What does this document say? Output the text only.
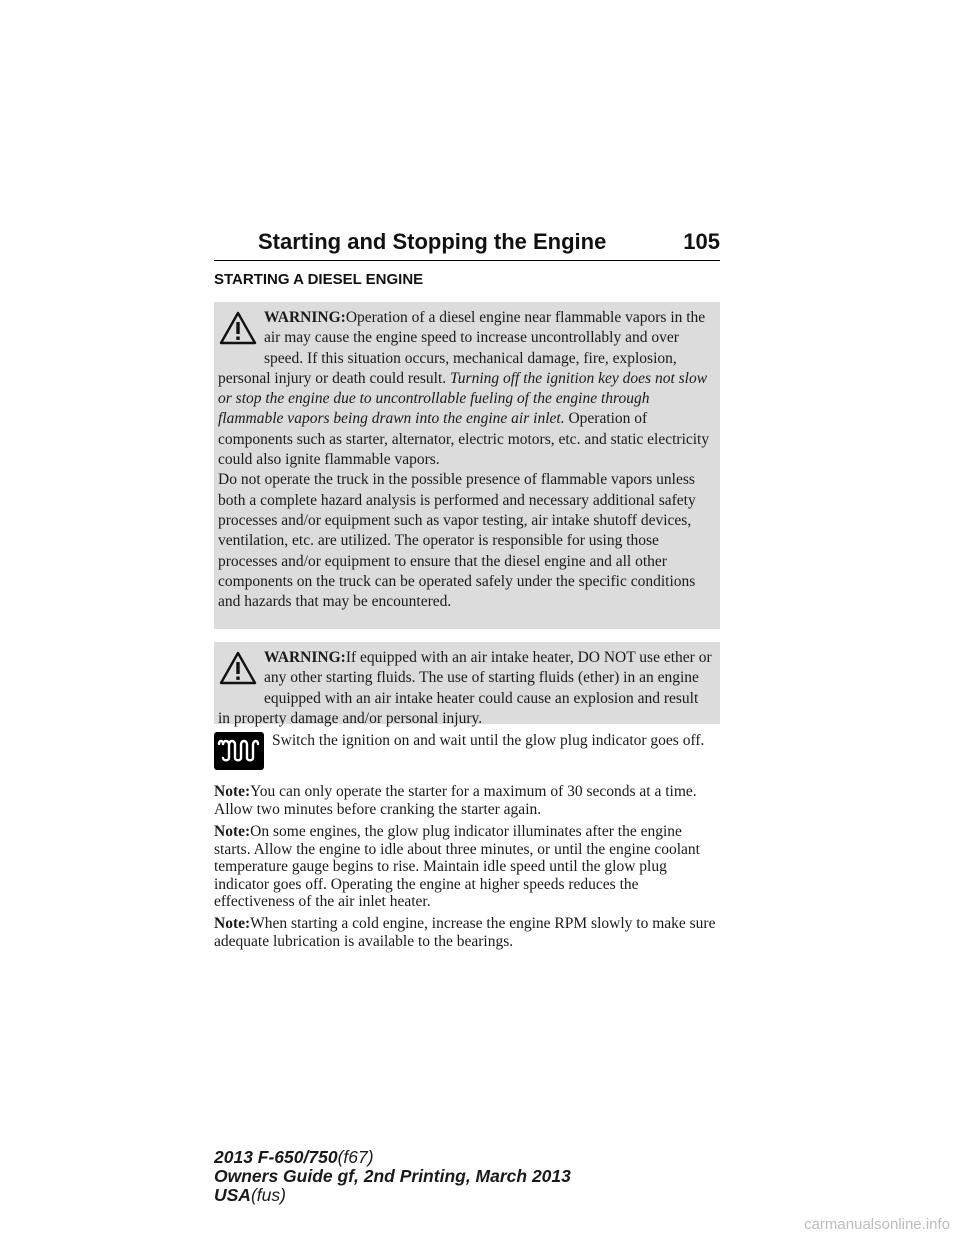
Starting and Stopping the Engine	105
STARTING A DIESEL ENGINE

WARNING:Operation of a diesel engine near flammable vapors in the air may cause the engine speed to increase uncontrollably and over speed. If this situation occurs, mechanical damage, fire, explosion, personal injury or death could result. Turning off the ignition key does not slow or stop the engine due to uncontrollable fueling of the engine through flammable vapors being drawn into the engine air inlet. Operation of components such as starter, alternator, electric motors, etc. and static electricity could also ignite flammable vapors.

Do not operate the truck in the possible presence of flammable vapors unless both a complete hazard analysis is performed and necessary additional safety processes and/or equipment such as vapor testing, air intake shutoff devices, ventilation, etc. are utilized. The operator is responsible for using those processes and/or equipment to ensure that the diesel engine and all other components on the truck can be operated safely under the specific conditions and hazards that may be encountered.

WARNING:If equipped with an air intake heater, DO NOT use ether or any other starting fluids. The use of starting fluids (ether) in an engine equipped with an air intake heater could cause an explosion and result in property damage and/or personal injury.

Switch the ignition on and wait until the glow plug indicator goes off.

Note:You can only operate the starter for a maximum of 30 seconds at a time. Allow two minutes before cranking the starter again.

Note:On some engines, the glow plug indicator illuminates after the engine starts. Allow the engine to idle about three minutes, or until the engine coolant temperature gauge begins to rise. Maintain idle speed until the glow plug indicator goes off. Operating the engine at higher speeds reduces the effectiveness of the air inlet heater.

Note:When starting a cold engine, increase the engine RPM slowly to make sure adequate lubrication is available to the bearings.

2013 F-650/750(f67)
Owners Guide gf, 2nd Printing, March 2013
USA(fus)
carmanualsonline.info
